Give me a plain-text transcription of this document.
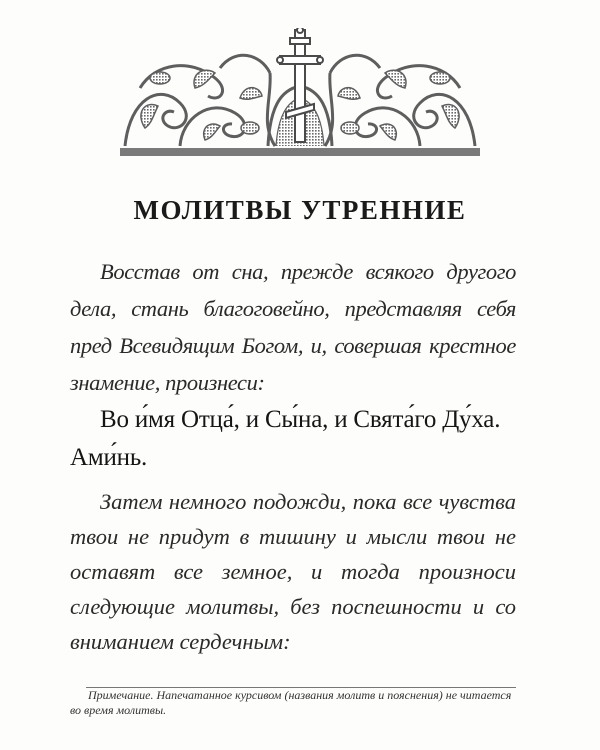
МОЛИТВЫ УТРЕННИЕ

Восстав от сна, прежде всякого другого дела, стань благоговейно, представляя себя пред Всевидящим Богом, и, совершая крестное знамение, произнеси:

Во и́мя Отца́, и Сы́на, и Свята́го Ду́ха. Ами́нь.

Затем немного подожди, пока все чувства твои не придут в тишину и мысли твои не оставят все земное, и тогда произноси следующие молитвы, без поспешности и со вниманием сердечным:

Примечание. Напечатанное курсивом (названия молитв и пояснения) не читается во время молитвы.
